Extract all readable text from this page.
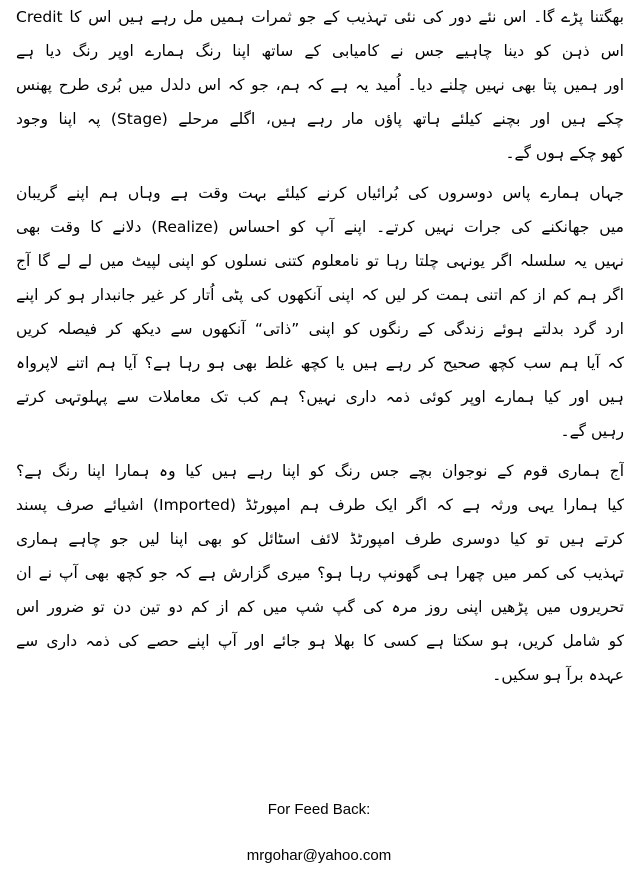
بھگتنا پڑے گا۔ اس نئے دور کی نئی تہذیب کے جو ثمرات ہمیں مل رہے ہیں اس کا ‪Credit‬
اس ذہن کو دینا چاہیے جس نے کامیابی کے ساتھ اپنا رنگ ہمارے اوپر رنگ دیا ہے
اور ہمیں پتا بھی نہیں چلنے دیا۔ اُمید یہ ہے کہ ہم، جو کہ اس دلدل میں بُری طرح پھنس
چکے ہیں اور بچنے کیلئے ہاتھ پاؤں مار رہے ہیں، اگلے مرحلے ‪(Stage)‬ پہ اپنا وجود
کھو چکے ہوں گے۔
جہاں ہمارے پاس دوسروں کی بُرائیاں کرنے کیلئے بہت وقت ہے وہاں ہم اپنے گریبان
میں جھانکنے کی جرات نہیں کرتے۔ اپنے آپ کو احساس ‪(Realize)‬ دلانے کا وقت بھی
نہیں یہ سلسلہ اگر یونہی چلتا رہا تو نامعلوم کتنی نسلوں کو اپنی لپیٹ میں لے لے گا آج
اگر ہم کم از کم اتنی ہمت کر لیں کہ اپنی آنکھوں کی پٹی اُتار کر غیر جانبدار ہو کر اپنے
ارد گرد بدلتے ہوئے زندگی کے رنگوں کو اپنی ”ذاتی“ آنکھوں سے دیکھ کر فیصلہ کریں
کہ آیا ہم سب کچھ صحیح کر رہے ہیں یا کچھ غلط بھی ہو رہا ہے؟ آیا ہم اتنے لاپرواہ
ہیں اور کیا ہمارے اوپر کوئی ذمہ داری نہیں؟ ہم کب تک معاملات سے پہلوتہی کرتے
رہیں گے۔
آج ہماری قوم کے نوجوان بچے جس رنگ کو اپنا رہے ہیں کیا وہ ہمارا اپنا رنگ ہے؟
کیا ہمارا یہی ورثہ ہے کہ اگر ایک طرف ہم امپورٹڈ ‪(Imported)‬ اشیائے صرف پسند
کرتے ہیں تو کیا دوسری طرف امپورٹڈ لائف اسٹائل کو بھی اپنا لیں جو چاہے ہماری
تہذیب کی کمر میں چھرا ہی گھونپ رہا ہو؟ میری گزارش ہے کہ جو کچھ بھی آپ نے ان
تحریروں میں پڑھیں اپنی روز مرہ کی گپ شپ میں کم از کم دو تین دن تو ضرور اس
کو شامل کریں، ہو سکتا ہے کسی کا بھلا ہو جائے اور آپ اپنے حصے کی ذمہ داری سے
عہدہ برآ ہو سکیں۔
For Feed Back:
mrgohar@yahoo.com
